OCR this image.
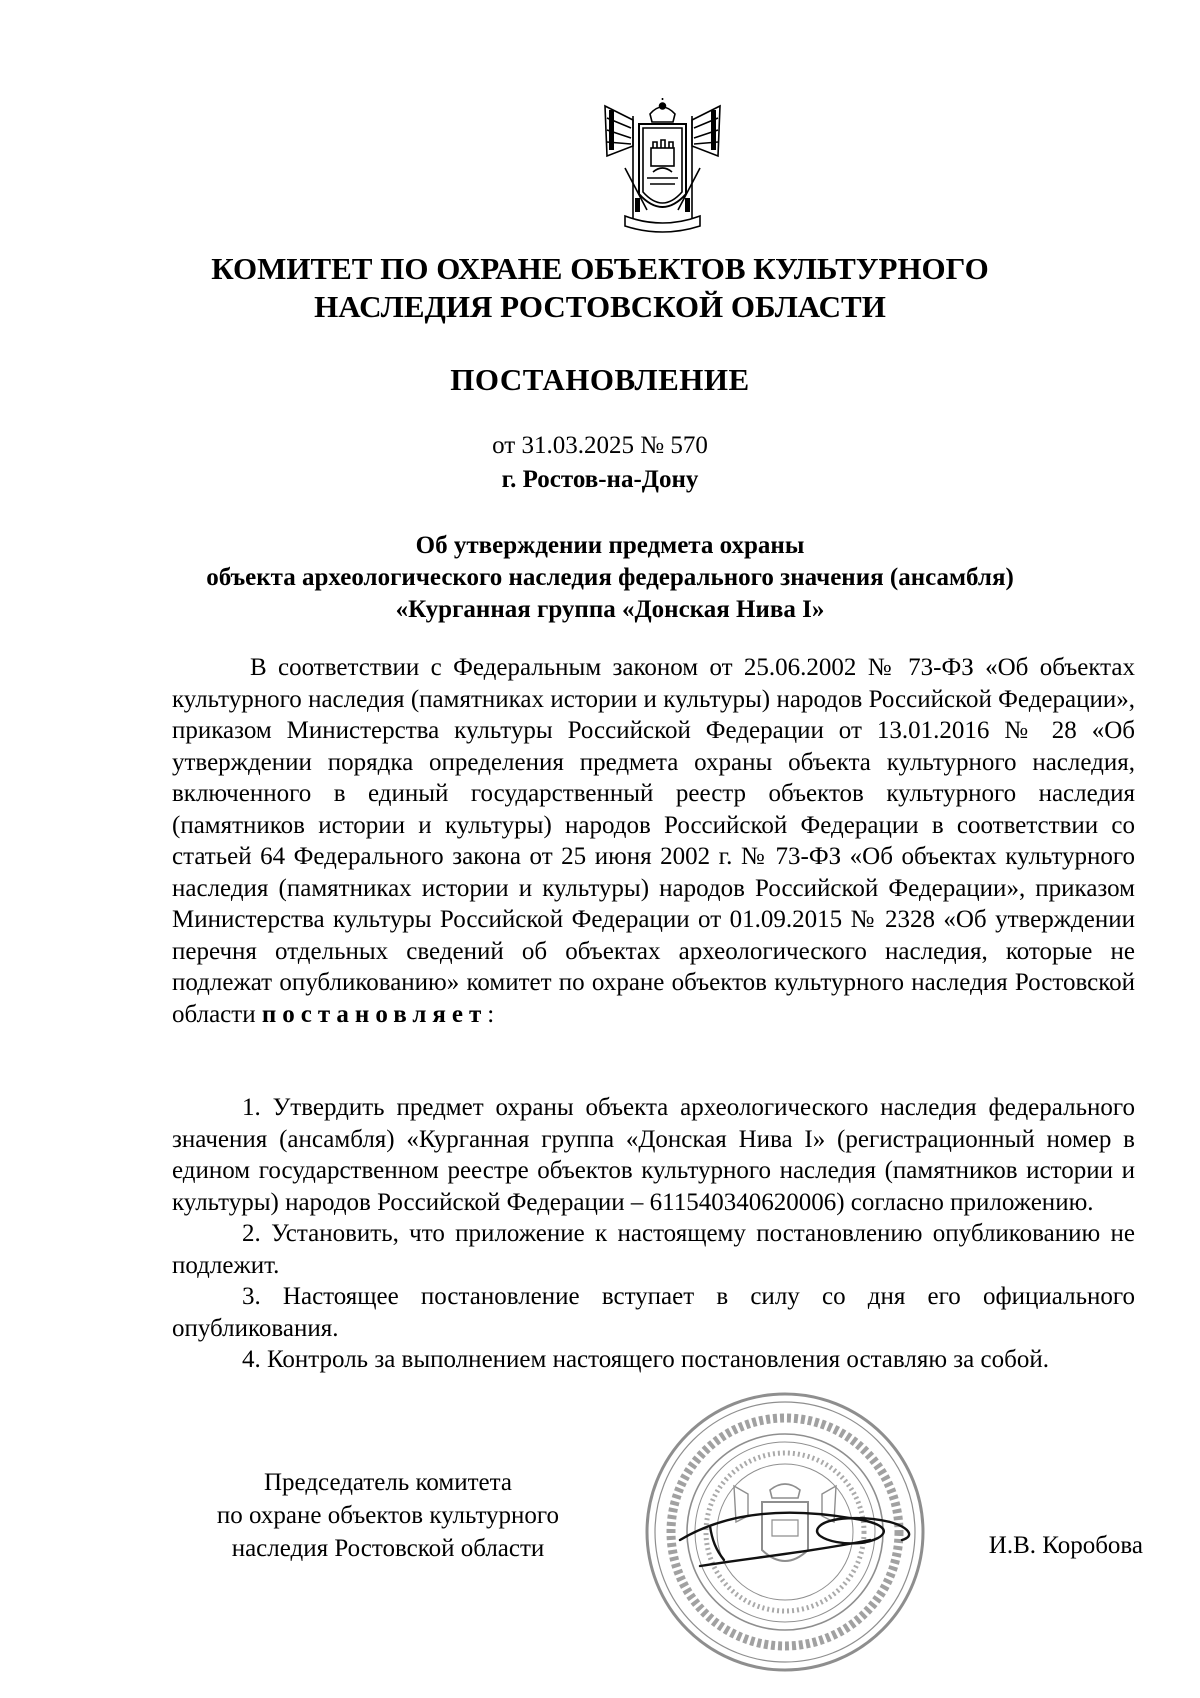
КОМИТЕТ ПО ОХРАНЕ ОБЪЕКТОВ КУЛЬТУРНОГО
НАСЛЕДИЯ РОСТОВСКОЙ ОБЛАСТИ
ПОСТАНОВЛЕНИЕ
от 31.03.2025 № 570
г. Ростов-на-Дону
Об утверждении предмета охраны
объекта археологического наследия федерального значения (ансамбля)
«Курганная группа «Донская Нива I»
В соответствии с Федеральным законом от 25.06.2002 № 73-ФЗ «Об объектах культурного наследия (памятниках истории и культуры) народов Российской Федерации», приказом Министерства культуры Российской Федерации от 13.01.2016 № 28 «Об утверждении порядка определения предмета охраны объекта культурного наследия, включенного в единый государственный реестр объектов культурного наследия (памятников истории и культуры) народов Российской Федерации в соответствии со статьей 64 Федерального закона от 25 июня 2002 г. № 73-ФЗ «Об объектах культурного наследия (памятниках истории и культуры) народов Российской Федерации», приказом Министерства культуры Российской Федерации от 01.09.2015 № 2328 «Об утверждении перечня отдельных сведений об объектах археологического наследия, которые не подлежат опубликованию» комитет по охране объектов культурного наследия Ростовской области постановляет:

1. Утвердить предмет охраны объекта археологического наследия федерального значения (ансамбля) «Курганная группа «Донская Нива I» (регистрационный номер в едином государственном реестре объектов культурного наследия (памятников истории и культуры) народов Российской Федерации – 611540340620006) согласно приложению.

2. Установить, что приложение к настоящему постановлению опубликованию не подлежит.

3. Настоящее постановление вступает в силу со дня его официального опубликования.

4. Контроль за выполнением настоящего постановления оставляю за собой.

Председатель комитета
по охране объектов культурного
наследия Ростовской области	И.В. Коробова
